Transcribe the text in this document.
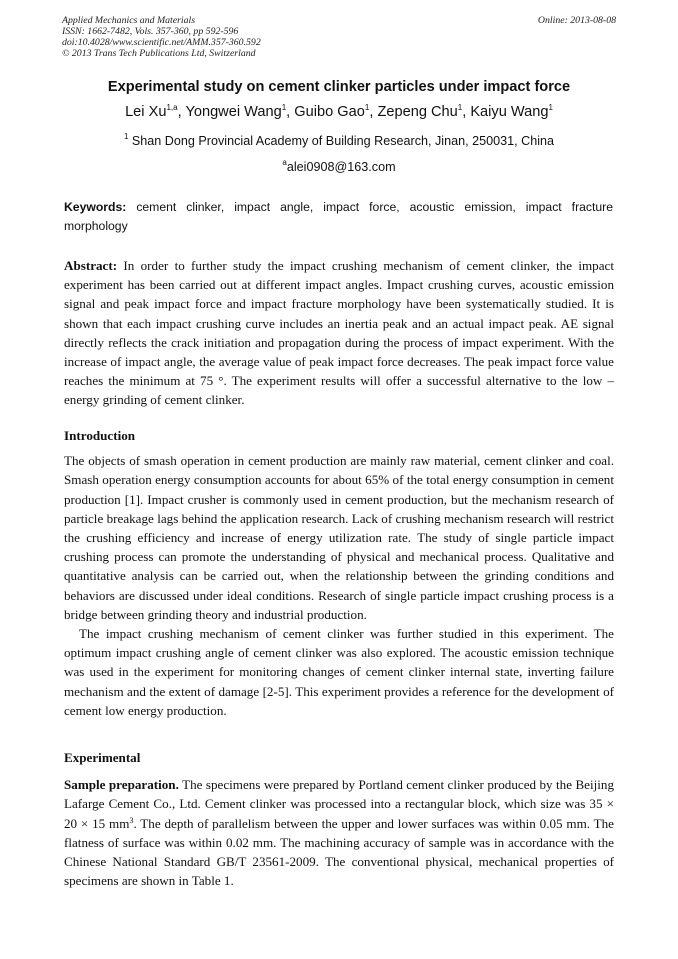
Applied Mechanics and Materials
ISSN: 1662-7482, Vols. 357-360, pp 592-596
doi:10.4028/www.scientific.net/AMM.357-360.592
© 2013 Trans Tech Publications Ltd, Switzerland
Online: 2013-08-08
Experimental study on cement clinker particles under impact force
Lei Xu$^{1,a}$, Yongwei Wang$^1$, Guibo Gao$^1$, Zepeng Chu$^1$, Kaiyu Wang$^1$
$^1$ Shan Dong Provincial Academy of Building Research, Jinan, 250031, China
$^a$alei0908@163.com
Keywords: cement clinker, impact angle, impact force, acoustic emission, impact fracture morphology

Abstract: In order to further study the impact crushing mechanism of cement clinker, the impact experiment has been carried out at different impact angles. Impact crushing curves, acoustic emission signal and peak impact force and impact fracture morphology have been systematically studied. It is shown that each impact crushing curve includes an inertia peak and an actual impact peak. AE signal directly reflects the crack initiation and propagation during the process of impact experiment. With the increase of impact angle, the average value of peak impact force decreases. The peak impact force value reaches the minimum at 75 °. The experiment results will offer a successful alternative to the low – energy grinding of cement clinker.

Introduction

The objects of smash operation in cement production are mainly raw material, cement clinker and coal. Smash operation energy consumption accounts for about 65% of the total energy consumption in cement production [1]. Impact crusher is commonly used in cement production, but the mechanism research of particle breakage lags behind the application research. Lack of crushing mechanism research will restrict the crushing efficiency and increase of energy utilization rate. The study of single particle impact crushing process can promote the understanding of physical and mechanical process. Qualitative and quantitative analysis can be carried out, when the relationship between the grinding conditions and behaviors are discussed under ideal conditions. Research of single particle impact crushing process is a bridge between grinding theory and industrial production.

The impact crushing mechanism of cement clinker was further studied in this experiment. The optimum impact crushing angle of cement clinker was also explored. The acoustic emission technique was used in the experiment for monitoring changes of cement clinker internal state, inverting failure mechanism and the extent of damage [2-5]. This experiment provides a reference for the development of cement low energy production.

Experimental

Sample preparation. The specimens were prepared by Portland cement clinker produced by the Beijing Lafarge Cement Co., Ltd. Cement clinker was processed into a rectangular block, which size was 35 × 20 × 15 $mm^3$. The depth of parallelism between the upper and lower surfaces was within 0.05 mm. The flatness of surface was within 0.02 mm. The machining accuracy of sample was in accordance with the Chinese National Standard GB/T 23561-2009. The conventional physical, mechanical properties of specimens are shown in Table 1.
